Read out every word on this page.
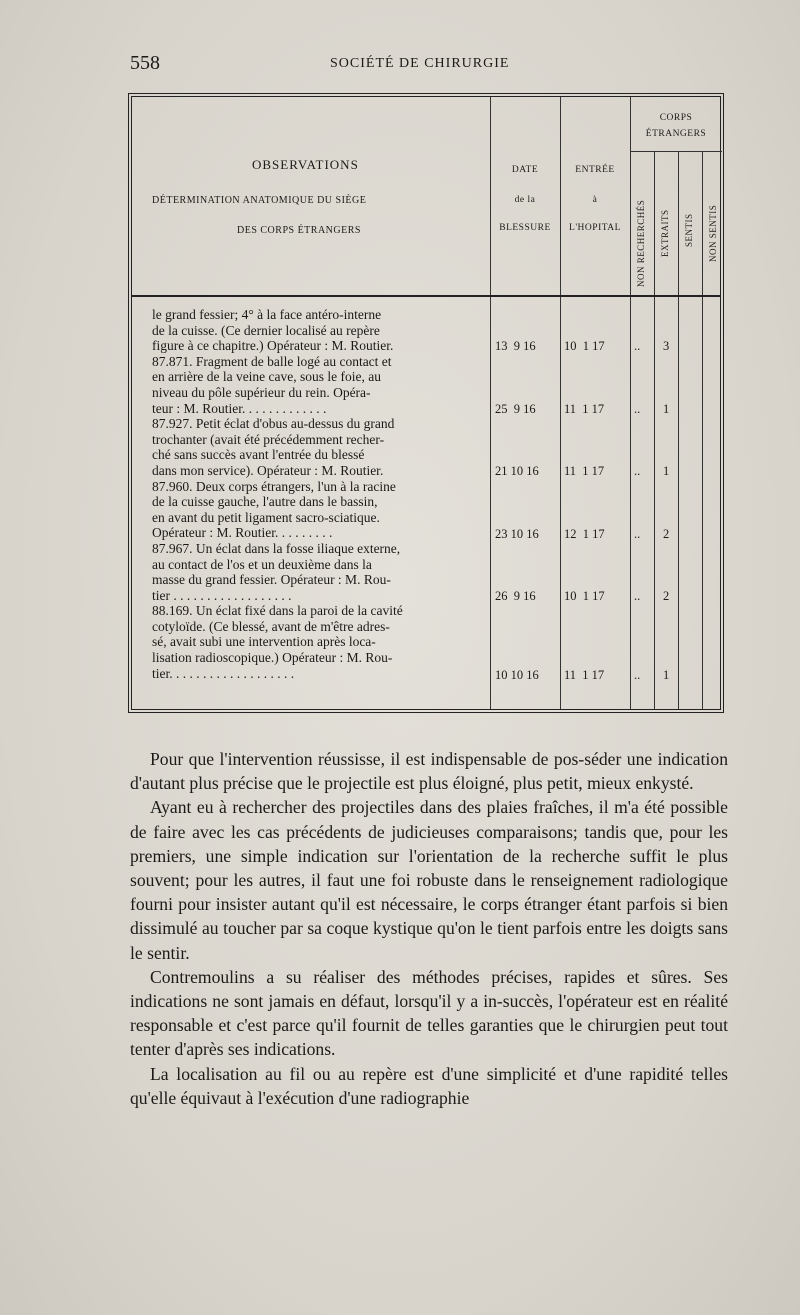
558	SOCIÉTÉ DE CHIRURGIE
OBSERVATIONS
DÉTERMINATION ANATOMIQUE DU SIÈGE
DES CORPS ÉTRANGERS
DATE
de la
BLESSURE
ENTRÉE
à
L'HOPITAL
CORPS
ÉTRANGERS
NON RECHERCHÉS EXTRAITS SENTIS NON SENTIS

le grand fessier; 4° à la face antéro-interne

de la cuisse. (Ce dernier localisé au repère

figure à ce chapitre.) Opérateur : M. Routier.

87.871. Fragment de balle logé au contact et

en arrière de la veine cave, sous le foie, au

niveau du pôle supérieur du rein. Opéra-

teur : M. Routier. . . . . . . . . . . . .

87.927. Petit éclat d'obus au-dessus du grand

trochanter (avait été précédemment recher-

ché sans succès avant l'entrée du blessé

dans mon service). Opérateur : M. Routier.

87.960. Deux corps étrangers, l'un à la racine

de la cuisse gauche, l'autre dans le bassin,

en avant du petit ligament sacro-sciatique.

Opérateur : M. Routier. . . . . . . . .

87.967. Un éclat dans la fosse iliaque externe,

au contact de l'os et un deuxième dans la

masse du grand fessier. Opérateur : M. Rou-

tier . . . . . . . . . . . . . . . . . .

88.169. Un éclat fixé dans la paroi de la cavité

cotyloïde. (Ce blessé, avant de m'être adres-

sé, avait subi une intervention après loca-

lisation radioscopique.) Opérateur : M. Rou-

tier. . . . . . . . . . . . . . . . . . .

13  9 16 10  1 17 .. 3
25  9 16 11  1 17 .. 1
21 10 16 11  1 17 .. 1
23 10 16 12  1 17 .. 2
26  9 16 10  1 17 .. 2
10 10 16 11  1 17 .. 1

Pour que l'intervention réussisse, il est indispensable de pos-séder une indication d'autant plus précise que le projectile est plus éloigné, plus petit, mieux enkysté.

Ayant eu à rechercher des projectiles dans des plaies fraîches, il m'a été possible de faire avec les cas précédents de judicieuses comparaisons; tandis que, pour les premiers, une simple indication sur l'orientation de la recherche suffit le plus souvent; pour les autres, il faut une foi robuste dans le renseignement radiologique fourni pour insister autant qu'il est nécessaire, le corps étranger étant parfois si bien dissimulé au toucher par sa coque kystique qu'on le tient parfois entre les doigts sans le sentir.

Contremoulins a su réaliser des méthodes précises, rapides et sûres. Ses indications ne sont jamais en défaut, lorsqu'il y a in-succès, l'opérateur est en réalité responsable et c'est parce qu'il fournit de telles garanties que le chirurgien peut tout tenter d'après ses indications.

La localisation au fil ou au repère est d'une simplicité et d'une rapidité telles qu'elle équivaut à l'exécution d'une radiographie
